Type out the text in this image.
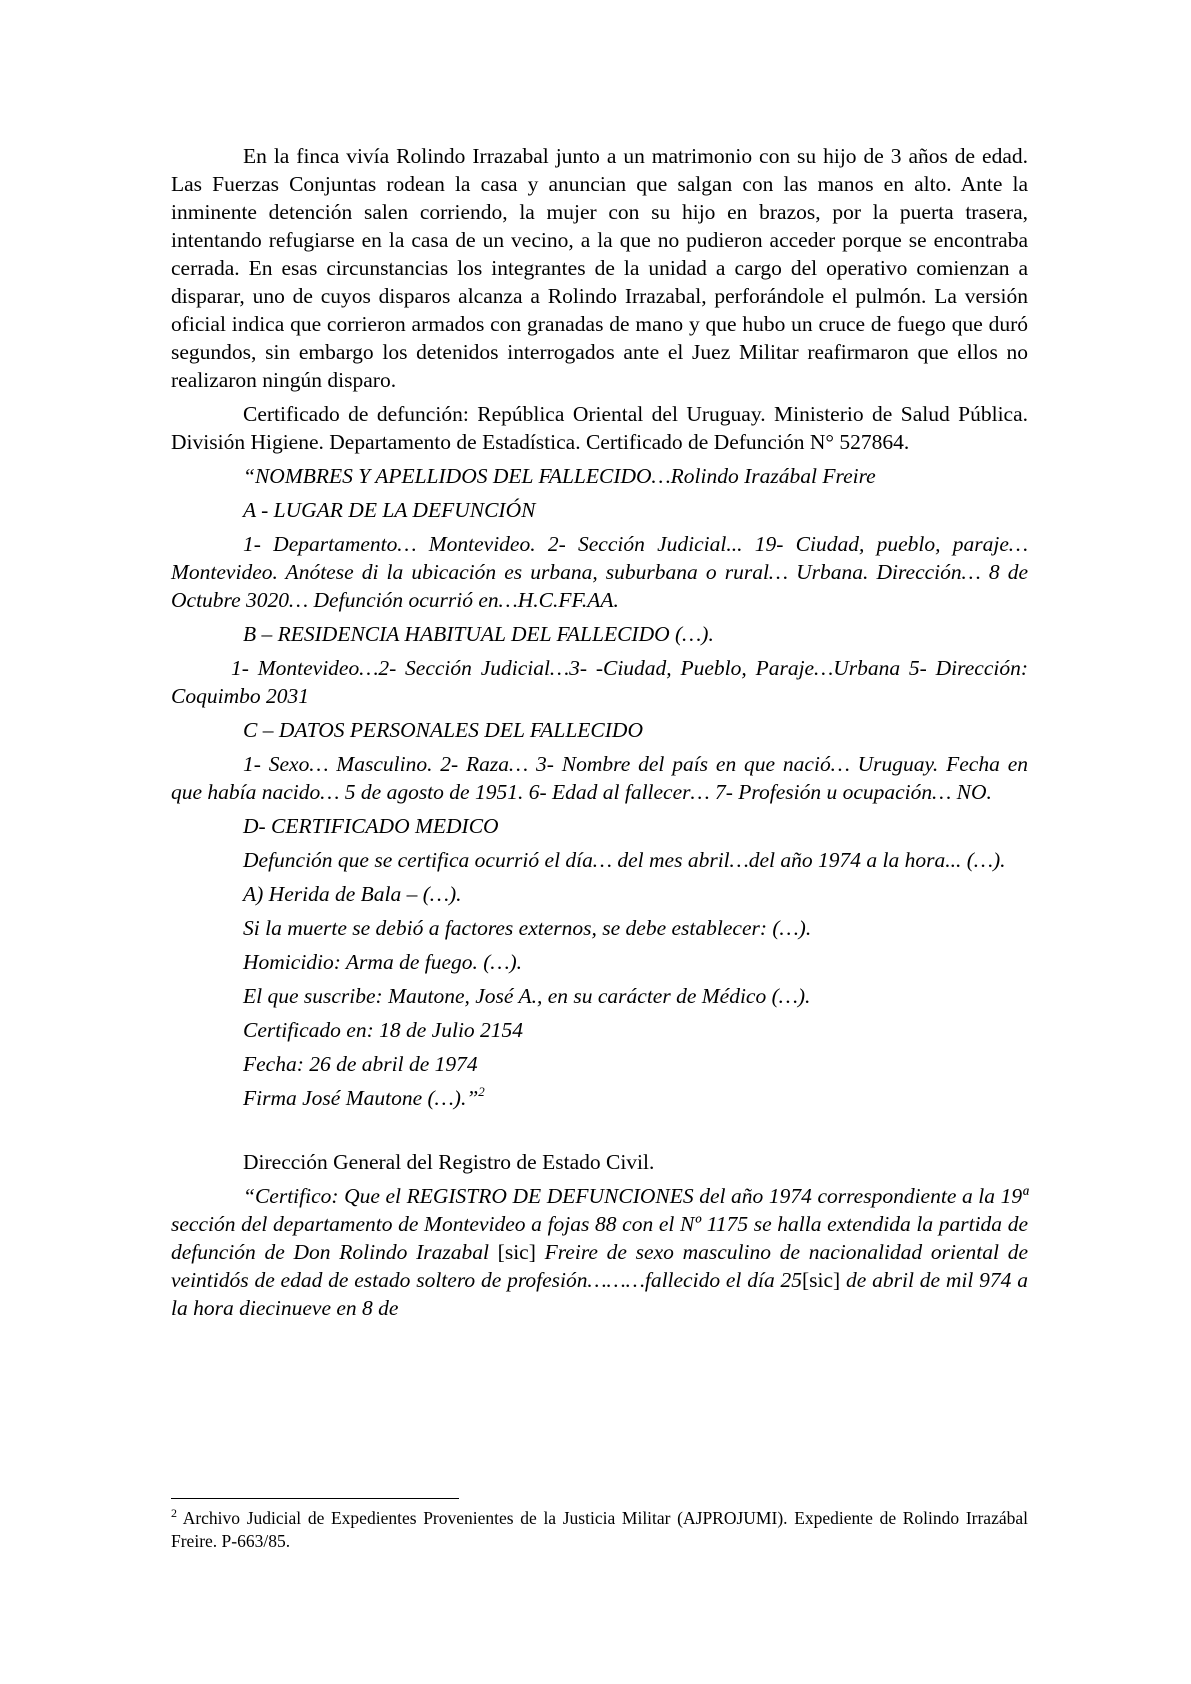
En la finca vivía Rolindo Irrazabal junto a un matrimonio con su hijo de 3 años de edad. Las Fuerzas Conjuntas rodean la casa y anuncian que salgan con las manos en alto. Ante la inminente detención salen corriendo, la mujer con su hijo en brazos, por la puerta trasera, intentando refugiarse en la casa de un vecino, a la que no pudieron acceder porque se encontraba cerrada. En esas circunstancias los integrantes de la unidad a cargo del operativo comienzan a disparar, uno de cuyos disparos alcanza a Rolindo Irrazabal, perforándole el pulmón. La versión oficial indica que corrieron armados con granadas de mano y que hubo un cruce de fuego que duró segundos, sin embargo los detenidos interrogados ante el Juez Militar reafirmaron que ellos no realizaron ningún disparo.

Certificado de defunción: República Oriental del Uruguay. Ministerio de Salud Pública. División Higiene. Departamento de Estadística. Certificado de Defunción N° 527864.

“NOMBRES Y APELLIDOS DEL FALLECIDO…Rolindo Irazábal Freire

A - LUGAR DE LA DEFUNCIÓN

1- Departamento… Montevideo. 2- Sección Judicial... 19- Ciudad, pueblo, paraje… Montevideo. Anótese di la ubicación es urbana, suburbana o rural… Urbana. Dirección… 8 de Octubre 3020… Defunción ocurrió en…H.C.FF.AA.

B – RESIDENCIA HABITUAL DEL FALLECIDO (…).

1- Montevideo…2- Sección Judicial…3- -Ciudad, Pueblo, Paraje…Urbana 5- Dirección: Coquimbo 2031

C – DATOS PERSONALES DEL FALLECIDO

1- Sexo… Masculino. 2- Raza… 3- Nombre del país en que nació… Uruguay. Fecha en que había nacido… 5 de agosto de 1951. 6- Edad al fallecer… 7- Profesión u ocupación… NO.

D- CERTIFICADO MEDICO

Defunción que se certifica ocurrió el día… del mes abril…del año 1974 a la hora... (…).

A) Herida de Bala – (…).

Si la muerte se debió a factores externos, se debe establecer: (…).

Homicidio: Arma de fuego. (…).

El que suscribe: Mautone, José A., en su carácter de Médico (…).

Certificado en: 18 de Julio 2154

Fecha: 26 de abril de 1974

Firma José Mautone (…).”$^2$

Dirección General del Registro de Estado Civil.

“Certifico: Que el REGISTRO DE DEFUNCIONES del año 1974 correspondiente a la 19ª sección del departamento de Montevideo a fojas 88 con el Nº 1175 se halla extendida la partida de defunción de Don Rolindo Irazabal [sic] Freire de sexo masculino de nacionalidad oriental de veintidós de edad de estado soltero de profesión………fallecido el día 25[sic] de abril de mil 974 a la hora diecinueve en 8 de

$^2$ Archivo Judicial de Expedientes Provenientes de la Justicia Militar (AJPROJUMI). Expediente de Rolindo Irrazábal Freire. P-663/85.
